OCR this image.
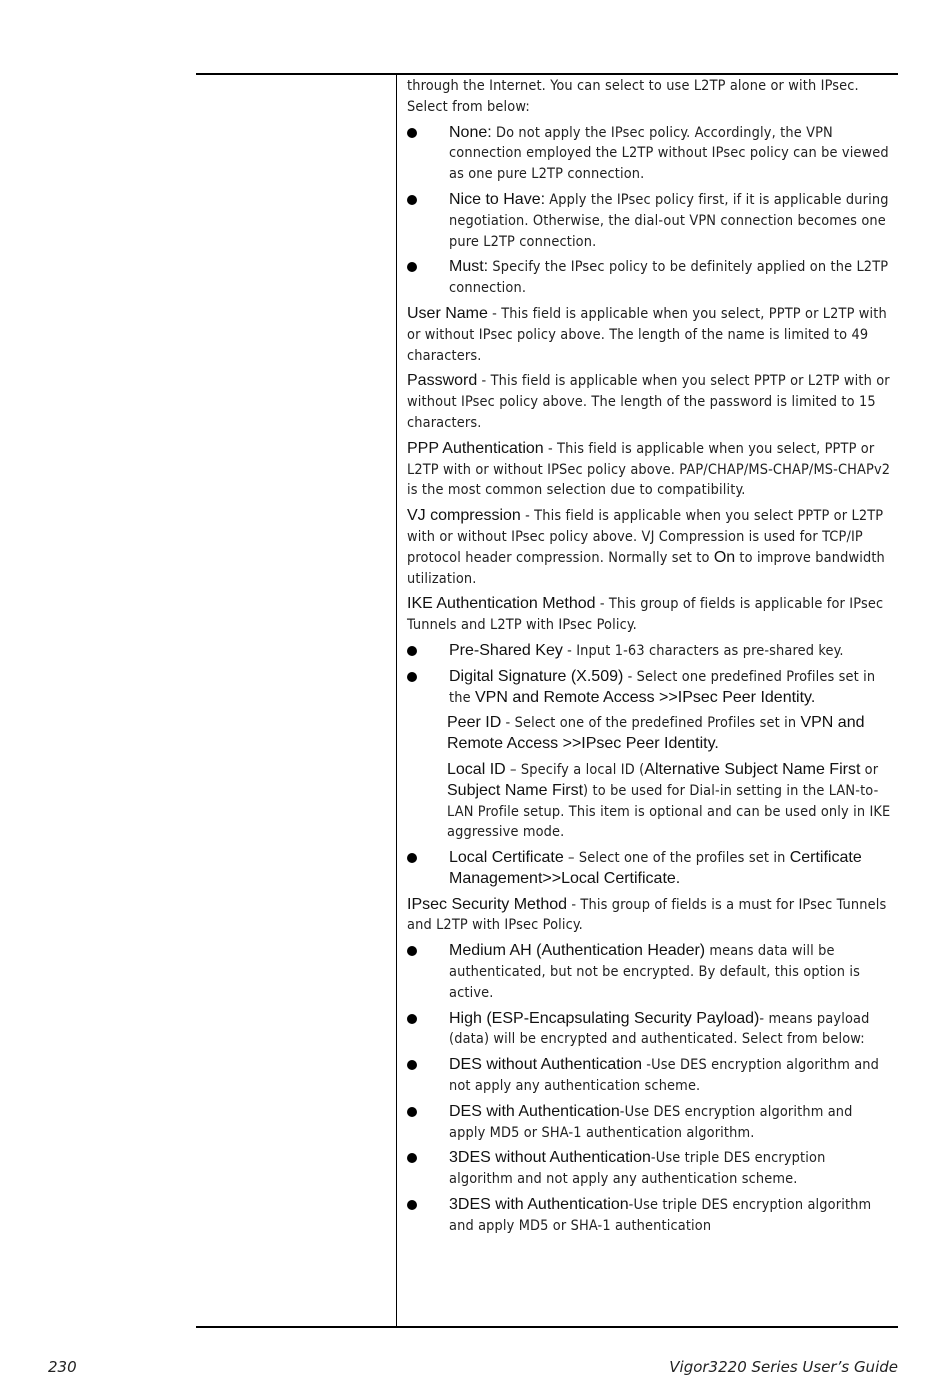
through the Internet. You can select to use L2TP alone or with IPsec. Select from below:

None: Do not apply the IPsec policy. Accordingly, the VPN connection employed the L2TP without IPsec policy can be viewed as one pure L2TP connection.
Nice to Have: Apply the IPsec policy first, if it is applicable during negotiation. Otherwise, the dial-out VPN connection becomes one pure L2TP connection.
Must: Specify the IPsec policy to be definitely applied on the L2TP connection.

User Name - This field is applicable when you select, PPTP or L2TP with or without IPsec policy above. The length of the name is limited to 49 characters.

Password - This field is applicable when you select PPTP or L2TP with or without IPsec policy above. The length of the password is limited to 15 characters.

PPP Authentication - This field is applicable when you select, PPTP or L2TP with or without IPSec policy above. PAP/CHAP/MS-CHAP/MS-CHAPv2 is the most common selection due to compatibility.

VJ compression - This field is applicable when you select PPTP or L2TP with or without IPsec policy above. VJ Compression is used for TCP/IP protocol header compression. Normally set to On to improve bandwidth utilization.

IKE Authentication Method - This group of fields is applicable for IPsec Tunnels and L2TP with IPsec Policy.

Pre-Shared Key - Input 1-63 characters as pre-shared key.
Digital Signature (X.509) - Select one predefined Profiles set in the VPN and Remote Access >>IPsec Peer Identity.

Peer ID - Select one of the predefined Profiles set in VPN and Remote Access >>IPsec Peer Identity.

Local ID – Specify a local ID (Alternative Subject Name First or Subject Name First) to be used for Dial-in setting in the LAN-to-LAN Profile setup. This item is optional and can be used only in IKE aggressive mode.

Local Certificate – Select one of the profiles set in Certificate Management>>Local Certificate.

IPsec Security Method - This group of fields is a must for IPsec Tunnels and L2TP with IPsec Policy.

Medium AH (Authentication Header) means data will be authenticated, but not be encrypted. By default, this option is active.
High (ESP-Encapsulating Security Payload)- means payload (data) will be encrypted and authenticated. Select from below:
DES without Authentication -Use DES encryption algorithm and not apply any authentication scheme.
DES with Authentication-Use DES encryption algorithm and apply MD5 or SHA-1 authentication algorithm.
3DES without Authentication-Use triple DES encryption algorithm and not apply any authentication scheme.
3DES with Authentication-Use triple DES encryption algorithm and apply MD5 or SHA-1 authentication
230	Vigor3220 Series User’s Guide
